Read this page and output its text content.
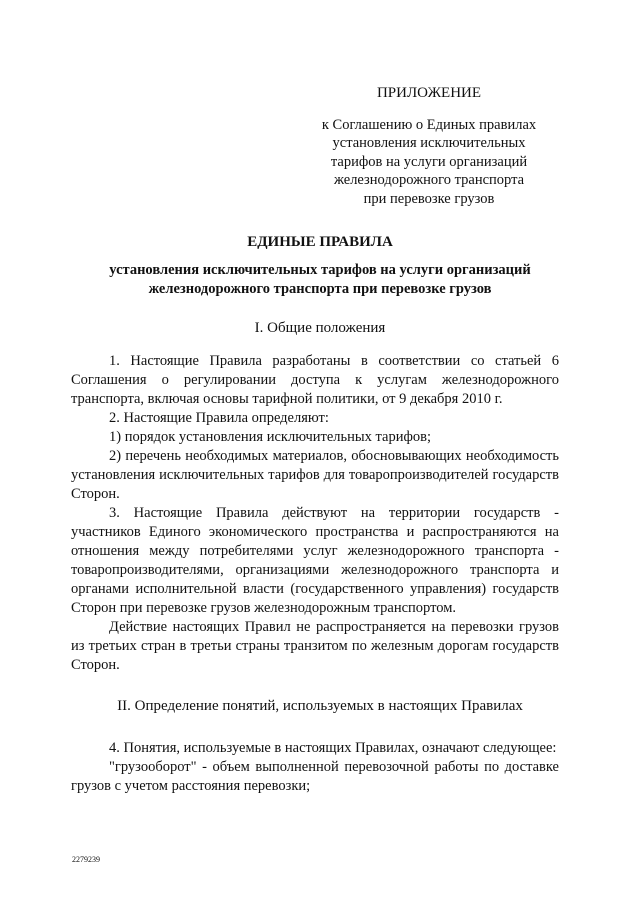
ПРИЛОЖЕНИЕ
к Соглашению о Единых правилах
установления исключительных
тарифов на услуги организаций
железнодорожного транспорта
при перевозке грузов
ЕДИНЫЕ ПРАВИЛА
установления исключительных тарифов на услуги организаций железнодорожного транспорта при перевозке грузов
I. Общие положения

1. Настоящие Правила разработаны в соответствии со статьей 6 Соглашения о регулировании доступа к услугам железнодорожного транспорта, включая основы тарифной политики, от 9 декабря 2010 г.

2. Настоящие Правила определяют:

1) порядок установления исключительных тарифов;

2) перечень необходимых материалов, обосновывающих необходимость установления исключительных тарифов для товаропроизводителей государств Сторон.

3. Настоящие Правила действуют на территории государств - участников Единого экономического пространства и распространяются на отношения между потребителями услуг железнодорожного транспорта - товаропроизводителями, организациями железнодорожного транспорта и органами исполнительной власти (государственного управления) государств Сторон при перевозке грузов железнодорожным транспортом.

Действие настоящих Правил не распространяется на перевозки грузов из третьих стран в третьи страны транзитом по железным дорогам государств Сторон.

II. Определение понятий, используемых в настоящих Правилах

4. Понятия, используемые в настоящих Правилах, означают следующее:

"грузооборот" - объем выполненной перевозочной работы по доставке грузов с учетом расстояния перевозки;

2279239
